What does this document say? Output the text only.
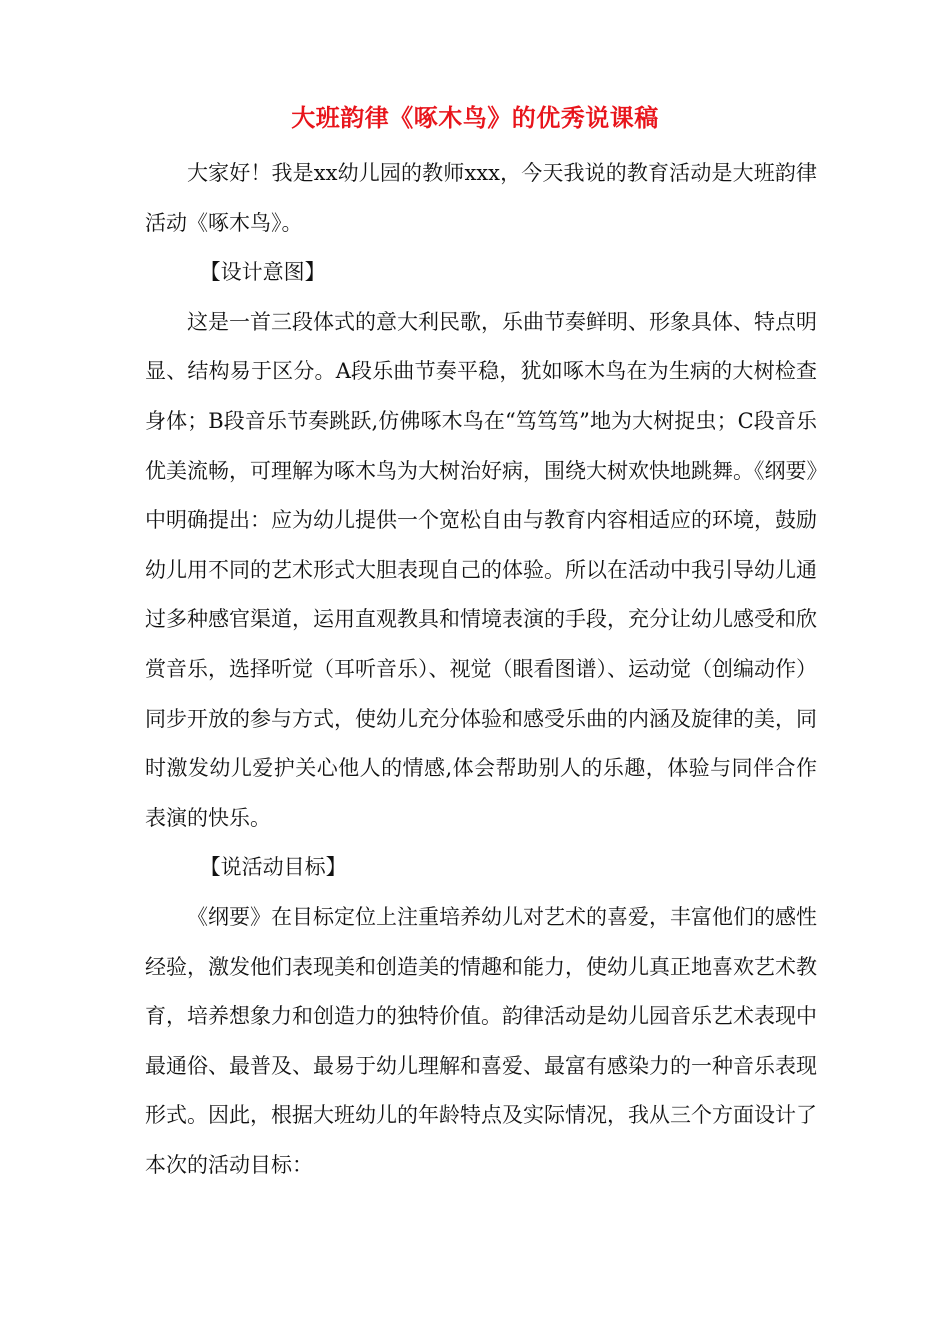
大班韵律《啄木鸟》的优秀说课稿

大家好！我是xx幼儿园的教师xxx，今天我说的教育活动是大班韵律活动《啄木鸟》。

【设计意图】

这是一首三段体式的意大利民歌，乐曲节奏鲜明、形象具体、特点明显、结构易于区分。A段乐曲节奏平稳，犹如啄木鸟在为生病的大树检查身体；B段音乐节奏跳跃,仿佛啄木鸟在“笃笃笃”地为大树捉虫；C段音乐优美流畅，可理解为啄木鸟为大树治好病，围绕大树欢快地跳舞。《纲要》中明确提出：应为幼儿提供一个宽松自由与教育内容相适应的环境，鼓励幼儿用不同的艺术形式大胆表现自己的体验。所以在活动中我引导幼儿通过多种感官渠道，运用直观教具和情境表演的手段，充分让幼儿感受和欣赏音乐，选择听觉（耳听音乐）、视觉（眼看图谱）、运动觉（创编动作）同步开放的参与方式，使幼儿充分体验和感受乐曲的内涵及旋律的美，同时激发幼儿爱护关心他人的情感,体会帮助别人的乐趣，体验与同伴合作表演的快乐。

【说活动目标】

《纲要》在目标定位上注重培养幼儿对艺术的喜爱，丰富他们的感性经验，激发他们表现美和创造美的情趣和能力，使幼儿真正地喜欢艺术教育，培养想象力和创造力的独特价值。韵律活动是幼儿园音乐艺术表现中最通俗、最普及、最易于幼儿理解和喜爱、最富有感染力的一种音乐表现形式。因此，根据大班幼儿的年龄特点及实际情况，我从三个方面设计了本次的活动目标：
